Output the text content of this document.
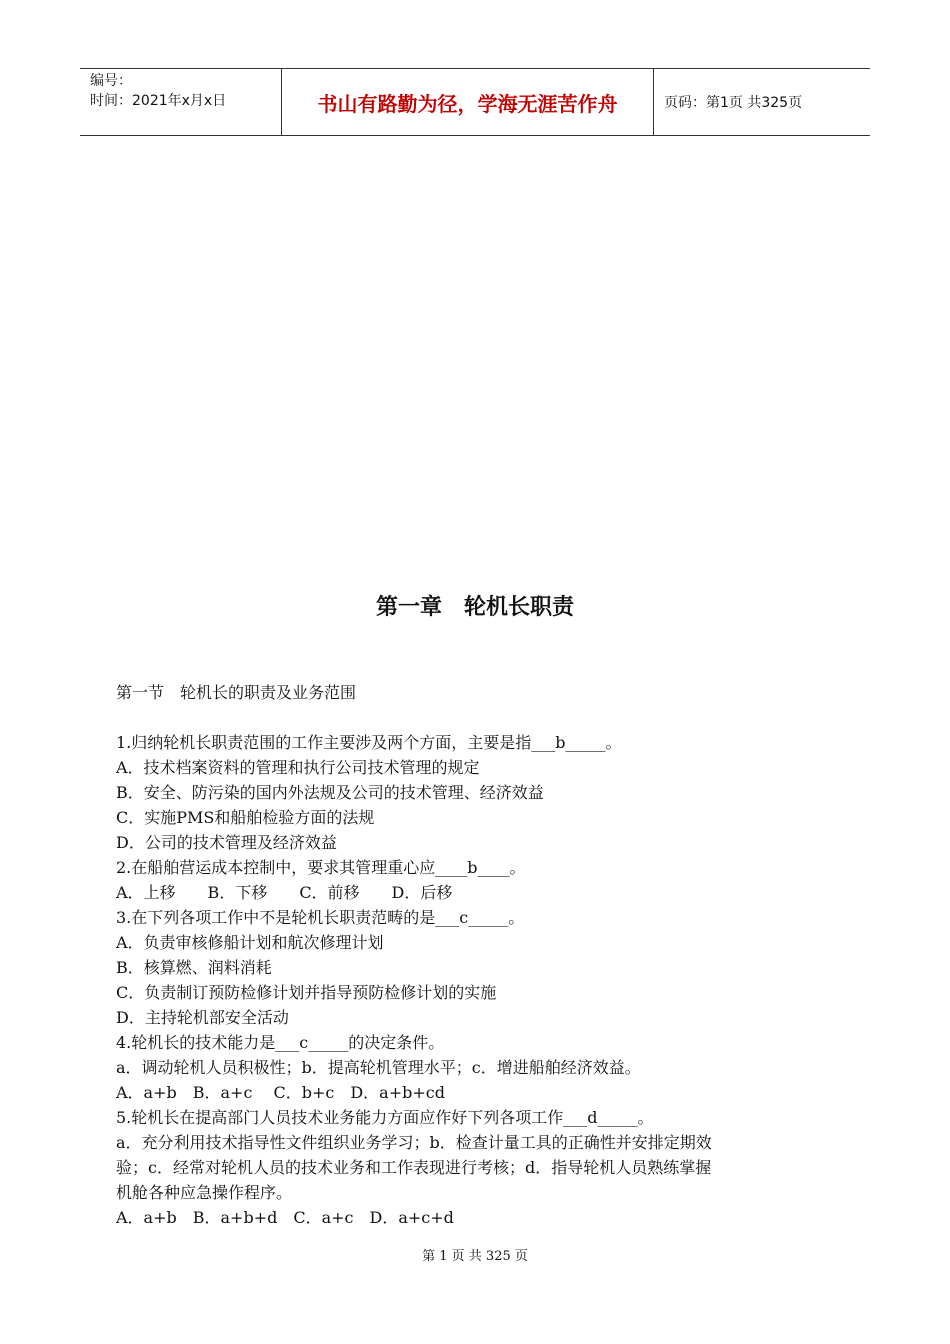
编号：
时间：2021年x月x日	书山有路勤为径，学海无涯苦作舟	页码：第1页 共325页
第一章　轮机长职责
第一节　轮机长的职责及业务范围

1.归纳轮机长职责范围的工作主要涉及两个方面，主要是指___b_____。

A．技术档案资料的管理和执行公司技术管理的规定

B．安全、防污染的国内外法规及公司的技术管理、经济效益

C．实施PMS和船舶检验方面的法规

D．公司的技术管理及经济效益

2.在船舶营运成本控制中，要求其管理重心应____b____。

A．上移　　B．下移　　C．前移　　D．后移

3.在下列各项工作中不是轮机长职责范畴的是___c_____。

A．负责审核修船计划和航次修理计划

B．核算燃、润料消耗

C．负责制订预防检修计划并指导预防检修计划的实施

D．主持轮机部安全活动

4.轮机长的技术能力是___c_____的决定条件。

a．调动轮机人员积极性；b．提高轮机管理水平；c．增进船舶经济效益。

A．a+b　B．a+c　 C．b+c　D．a+b+cd

5.轮机长在提高部门人员技术业务能力方面应作好下列各项工作___d_____。

a．充分利用技术指导性文件组织业务学习；b．检查计量工具的正确性并安排定期效

验；c．经常对轮机人员的技术业务和工作表现进行考核；d．指导轮机人员熟练掌握

机舱各种应急操作程序。

A．a+b　B．a+b+d　C．a+c　D．a+c+d

第 1 页 共 325 页
